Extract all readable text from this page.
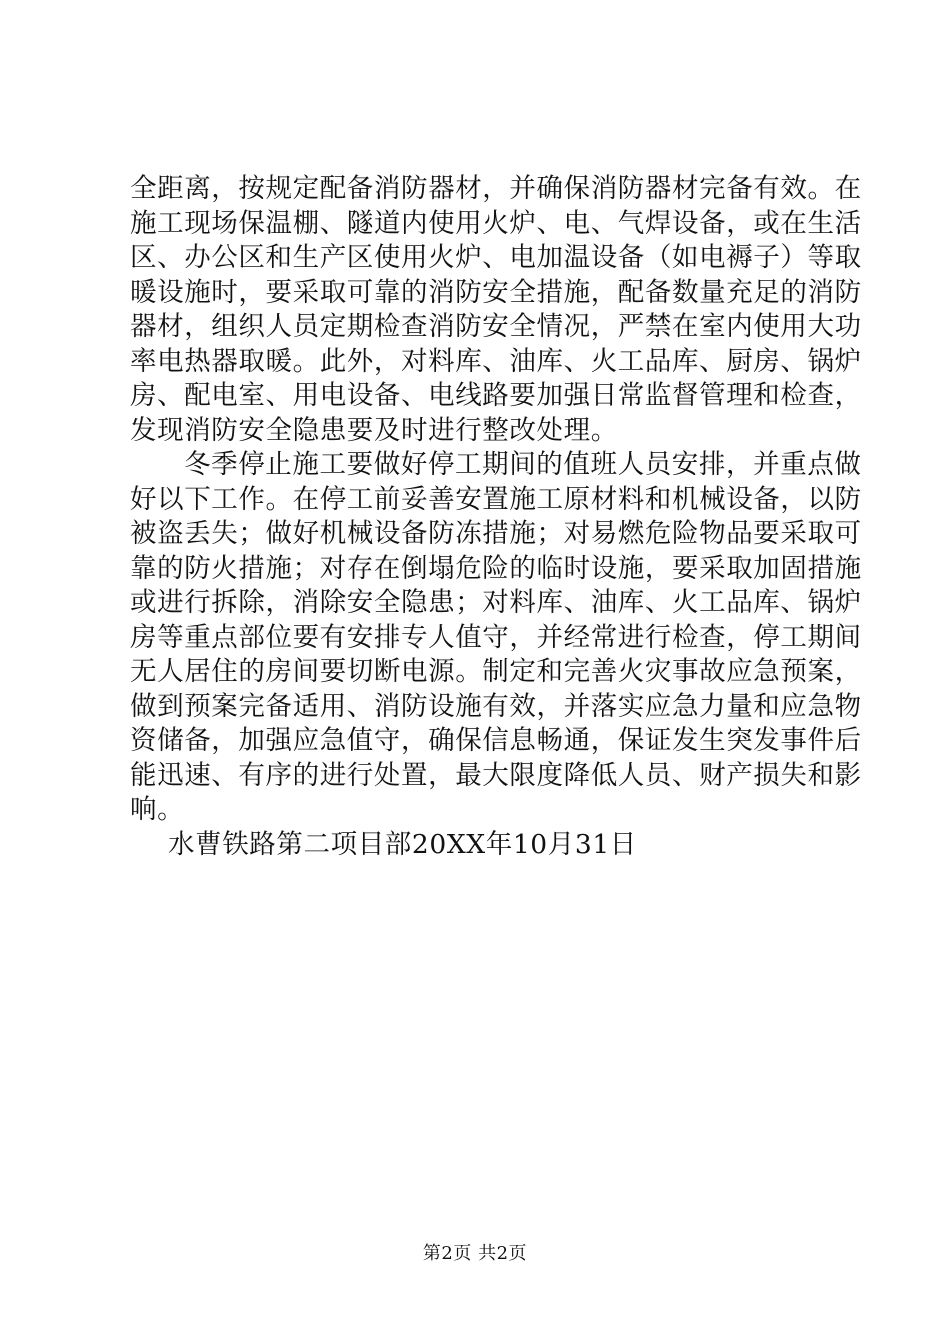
全距离，按规定配备消防器材，并确保消防器材完备有效。在
施工现场保温棚、隧道内使用火炉、电、气焊设备，或在生活
区、办公区和生产区使用火炉、电加温设备（如电褥子）等取
暖设施时，要采取可靠的消防安全措施，配备数量充足的消防
器材，组织人员定期检查消防安全情况，严禁在室内使用大功
率电热器取暖。此外，对料库、油库、火工品库、厨房、锅炉
房、配电室、用电设备、电线路要加强日常监督管理和检查，
发现消防安全隐患要及时进行整改处理。
冬季停止施工要做好停工期间的值班人员安排，并重点做
好以下工作。在停工前妥善安置施工原材料和机械设备，以防
被盗丢失；做好机械设备防冻措施；对易燃危险物品要采取可
靠的防火措施；对存在倒塌危险的临时设施，要采取加固措施
或进行拆除，消除安全隐患；对料库、油库、火工品库、锅炉
房等重点部位要有安排专人值守，并经常进行检查，停工期间
无人居住的房间要切断电源。制定和完善火灾事故应急预案，
做到预案完备适用、消防设施有效，并落实应急力量和应急物
资储备，加强应急值守，确保信息畅通，保证发生突发事件后
能迅速、有序的进行处置，最大限度降低人员、财产损失和影
响。
水曹铁路第二项目部20XX年10月31日
第2页 共2页
